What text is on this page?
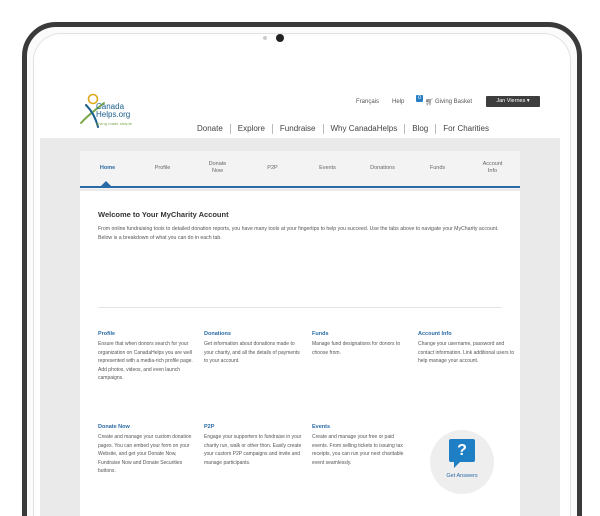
Canada
Helps.org
giving made simple
Français Help
0
🛒︎ Giving Basket	Jan Viernes ▾
Donate	Explore	Fundraise	Why CanadaHelps	Blog	For Charities
Home	Profile
Donate Now
P2P	Events	Donations	Funds
Account Info
Welcome to Your MyCharity Account
From online fundraising tools to detailed donation reports, you have many tools at your fingertips to help you succeed. Use the tabs above to navigate your MyCharity account. Below is a breakdown of what you can do in each tab.
Profile
Ensure that when donors search for your organization on CanadaHelps you are well represented with a media-rich profile page. Add photos, videos, and even launch campaigns.
Donations
Get information about donations made to your charity, and all the details of payments to your account.
Funds
Manage fund designations for donors to choose from.
Account Info
Change your username, password and contact information. Link additional users to help manage your account.
Donate Now
Create and manage your custom donation pages. You can embed your form on your Website, and get your Donate Now, Fundraise Now and Donate Securities buttons.
P2P
Engage your supporters to fundraise in your charity run, walk or other thon. Easily create your custom P2P campaigns and invite and manage participants.
Events
Create and manage your free or paid events. From selling tickets to issuing tax receipts, you can run your next charitable event seamlessly.
?
Get Answers
